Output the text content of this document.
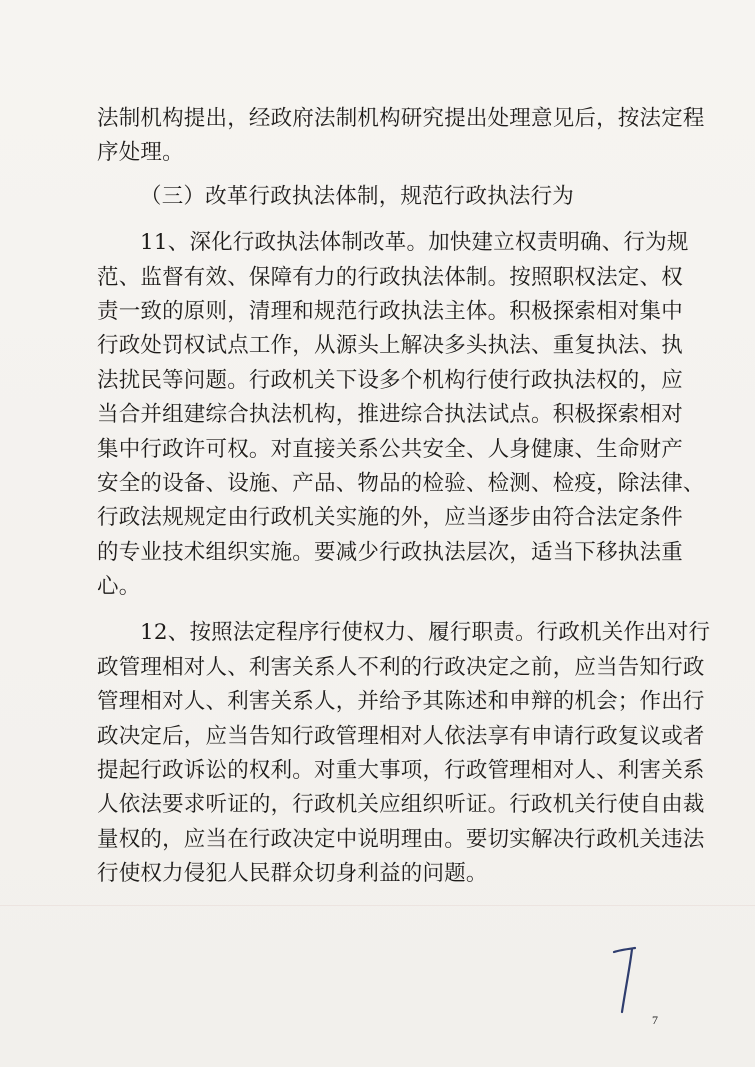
法制机构提出，经政府法制机构研究提出处理意见后，按法定程
序处理。
（三）改革行政执法体制，规范行政执法行为
11、深化行政执法体制改革。加快建立权责明确、行为规
范、监督有效、保障有力的行政执法体制。按照职权法定、权
责一致的原则，清理和规范行政执法主体。积极探索相对集中
行政处罚权试点工作，从源头上解决多头执法、重复执法、执
法扰民等问题。行政机关下设多个机构行使行政执法权的，应
当合并组建综合执法机构，推进综合执法试点。积极探索相对
集中行政许可权。对直接关系公共安全、人身健康、生命财产
安全的设备、设施、产品、物品的检验、检测、检疫，除法律、
行政法规规定由行政机关实施的外，应当逐步由符合法定条件
的专业技术组织实施。要减少行政执法层次，适当下移执法重
心。
12、按照法定程序行使权力、履行职责。行政机关作出对行
政管理相对人、利害关系人不利的行政决定之前，应当告知行政
管理相对人、利害关系人，并给予其陈述和申辩的机会；作出行
政决定后，应当告知行政管理相对人依法享有申请行政复议或者
提起行政诉讼的权利。对重大事项，行政管理相对人、利害关系
人依法要求听证的，行政机关应组织听证。行政机关行使自由裁
量权的，应当在行政决定中说明理由。要切实解决行政机关违法
行使权力侵犯人民群众切身利益的问题。
7
